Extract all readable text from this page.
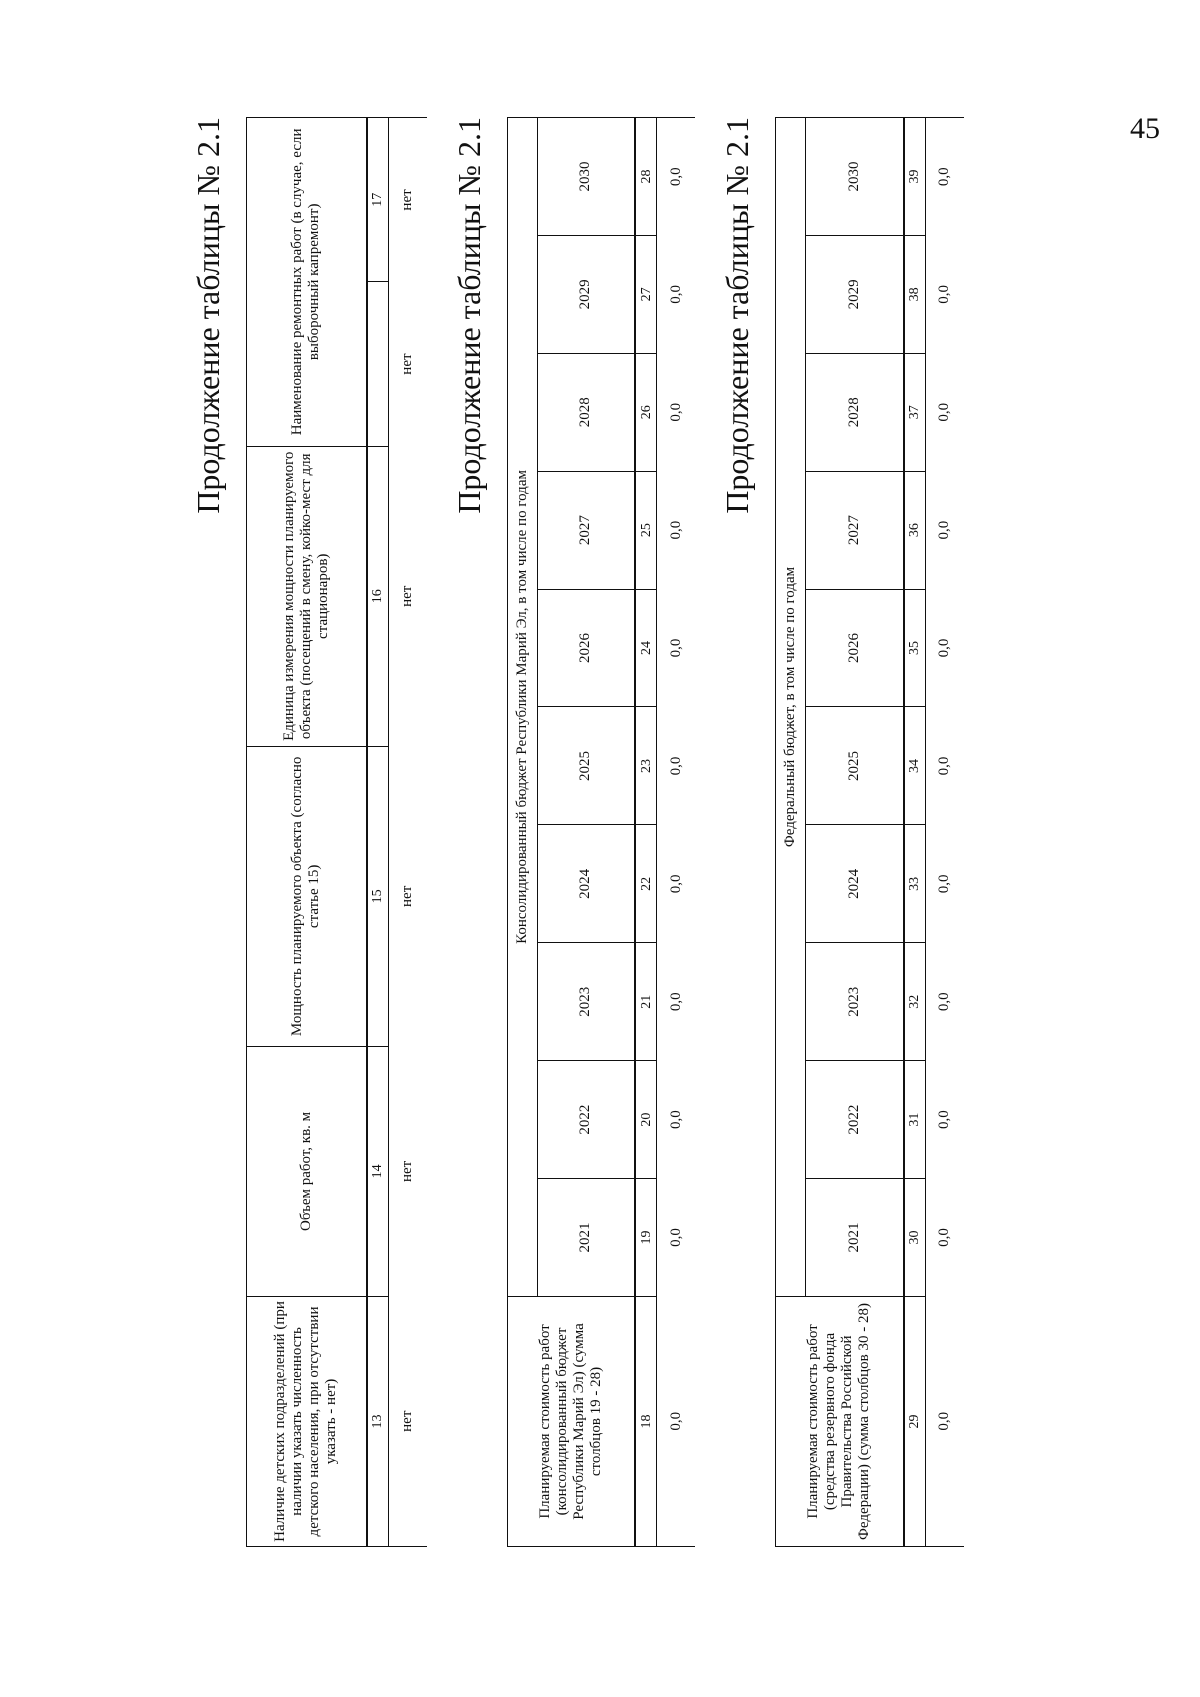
45
Продолжение таблицы № 2.1
Наличие детских подразделений (при наличии указать численность детского населения, при отсутствии указать - нет)	Объем работ, кв. м	Мощность планируемого объекта (согласно статье 15)	Единица измерения мощности планируемого объекта (посещений в смену, койко-мест для стационаров)	Наименование ремонтных работ (в случае, если выборочный капремонт)	
13	14	15	16		17
нет	нет	нет	нет	нет	нет Продолжение таблицы № 2.1
Планируемая стоимость работ (консолидированный бюджет Республики Марий Эл) (сумма столбцов 19 - 28)	Консолидированный бюджет Республики Марий Эл, в том числе по годам									
	2021	2022	2023	2024	2025	2026	2027	2028	2029	2030
18	19	20	21	22	23	24	25	26	27	28
0,0	0,0	0,0	0,0	0,0	0,0	0,0	0,0	0,0	0,0	0,0 Продолжение таблицы № 2.1
Планируемая стоимость работ (средства резервного фонда Правительства Российской Федерации) (сумма столбцов 30 - 28)	Федеральный бюджет, в том числе по годам									
	2021	2022	2023	2024	2025	2026	2027	2028	2029	2030
29	30	31	32	33	34	35	36	37	38	39
0,0	0,0	0,0	0,0	0,0	0,0	0,0	0,0	0,0	0,0	0,0
